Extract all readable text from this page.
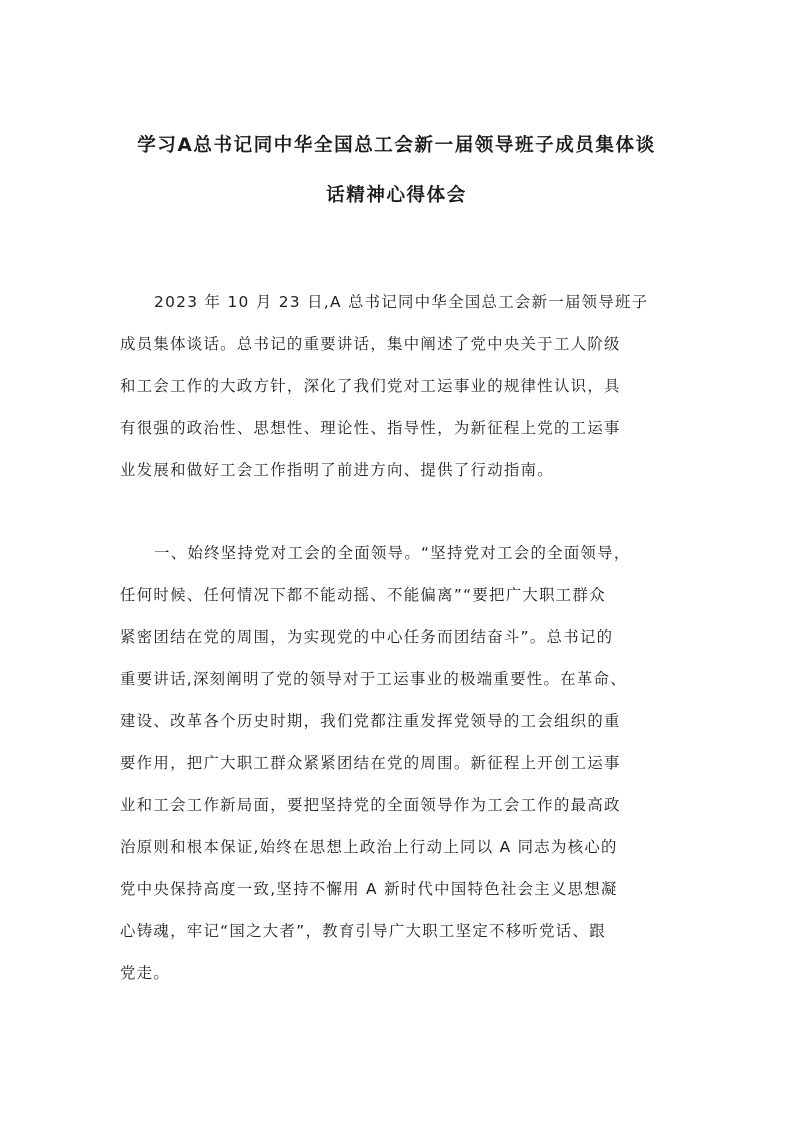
学习A总书记同中华全国总工会新一届领导班子成员集体谈
话精神心得体会
2023 年 10 月 23 日,A 总书记同中华全国总工会新一届领导班子
成员集体谈话。总书记的重要讲话，集中阐述了党中央关于工人阶级
和工会工作的大政方针，深化了我们党对工运事业的规律性认识，具
有很强的政治性、思想性、理论性、指导性，为新征程上党的工运事
业发展和做好工会工作指明了前进方向、提供了行动指南。
一、始终坚持党对工会的全面领导。“坚持党对工会的全面领导，
任何时候、任何情况下都不能动摇、不能偏离”“要把广大职工群众
紧密团结在党的周围，为实现党的中心任务而团结奋斗”。总书记的
重要讲话,深刻阐明了党的领导对于工运事业的极端重要性。在革命、
建设、改革各个历史时期，我们党都注重发挥党领导的工会组织的重
要作用，把广大职工群众紧紧团结在党的周围。新征程上开创工运事
业和工会工作新局面，要把坚持党的全面领导作为工会工作的最高政
治原则和根本保证,始终在思想上政治上行动上同以 A 同志为核心的
党中央保持高度一致,坚持不懈用 A 新时代中国特色社会主义思想凝
心铸魂，牢记“国之大者”，教育引导广大职工坚定不移听党话、跟
党走。
